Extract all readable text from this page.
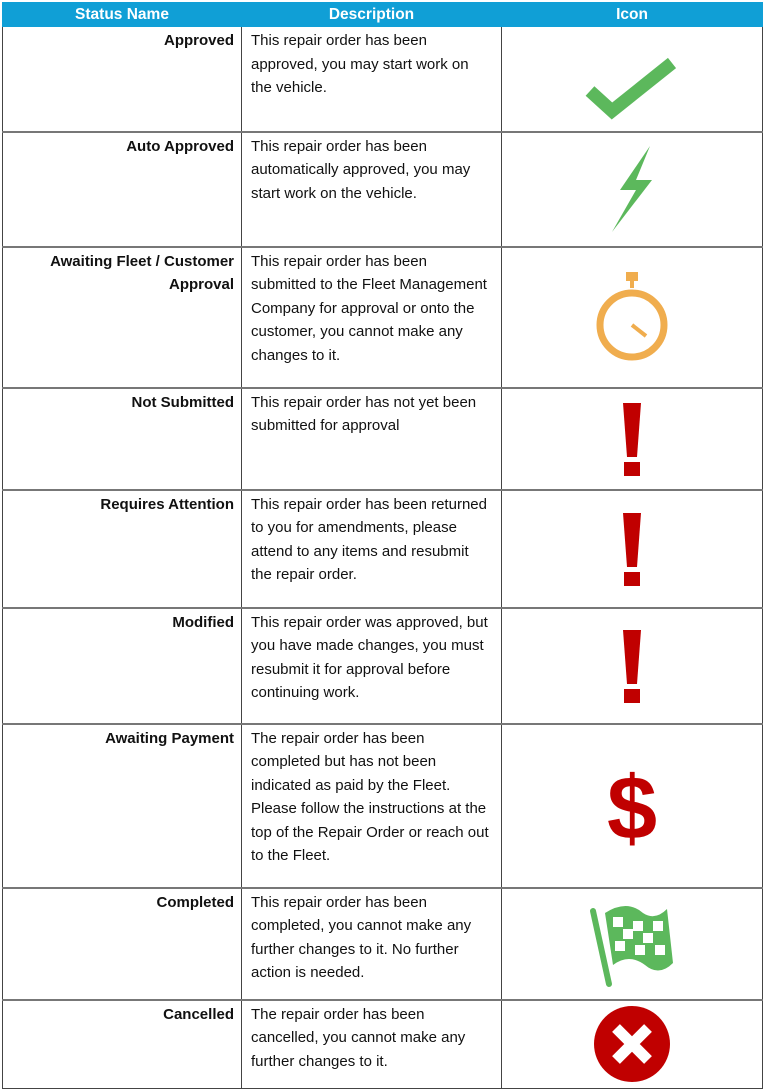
Status Name	Description	Icon
Approved	This repair order has been approved, you may start work on the vehicle.	

Auto Approved	This repair order has been automatically approved, you may start work on the vehicle.	

Awaiting Fleet / Customer Approval	This repair order has been submitted to the Fleet Management Company for approval or onto the customer, you cannot make any changes to it.	

Not Submitted	This repair order has not yet been submitted for approval	

Requires Attention	This repair order has been returned to you for amendments, please attend to any items and resubmit the repair order.	

Modified	This repair order was approved, but you have made changes, you must resubmit it for approval before continuing work.	

Awaiting Payment	The repair order has been completed but has not been indicated as paid by the Fleet. Please follow the instructions at the top of the Repair Order or reach out to the Fleet.	$

Completed	This repair order has been completed, you cannot make any further changes to it. No further action is needed.	

Cancelled	The repair order has been cancelled, you cannot make any further changes to it.	
